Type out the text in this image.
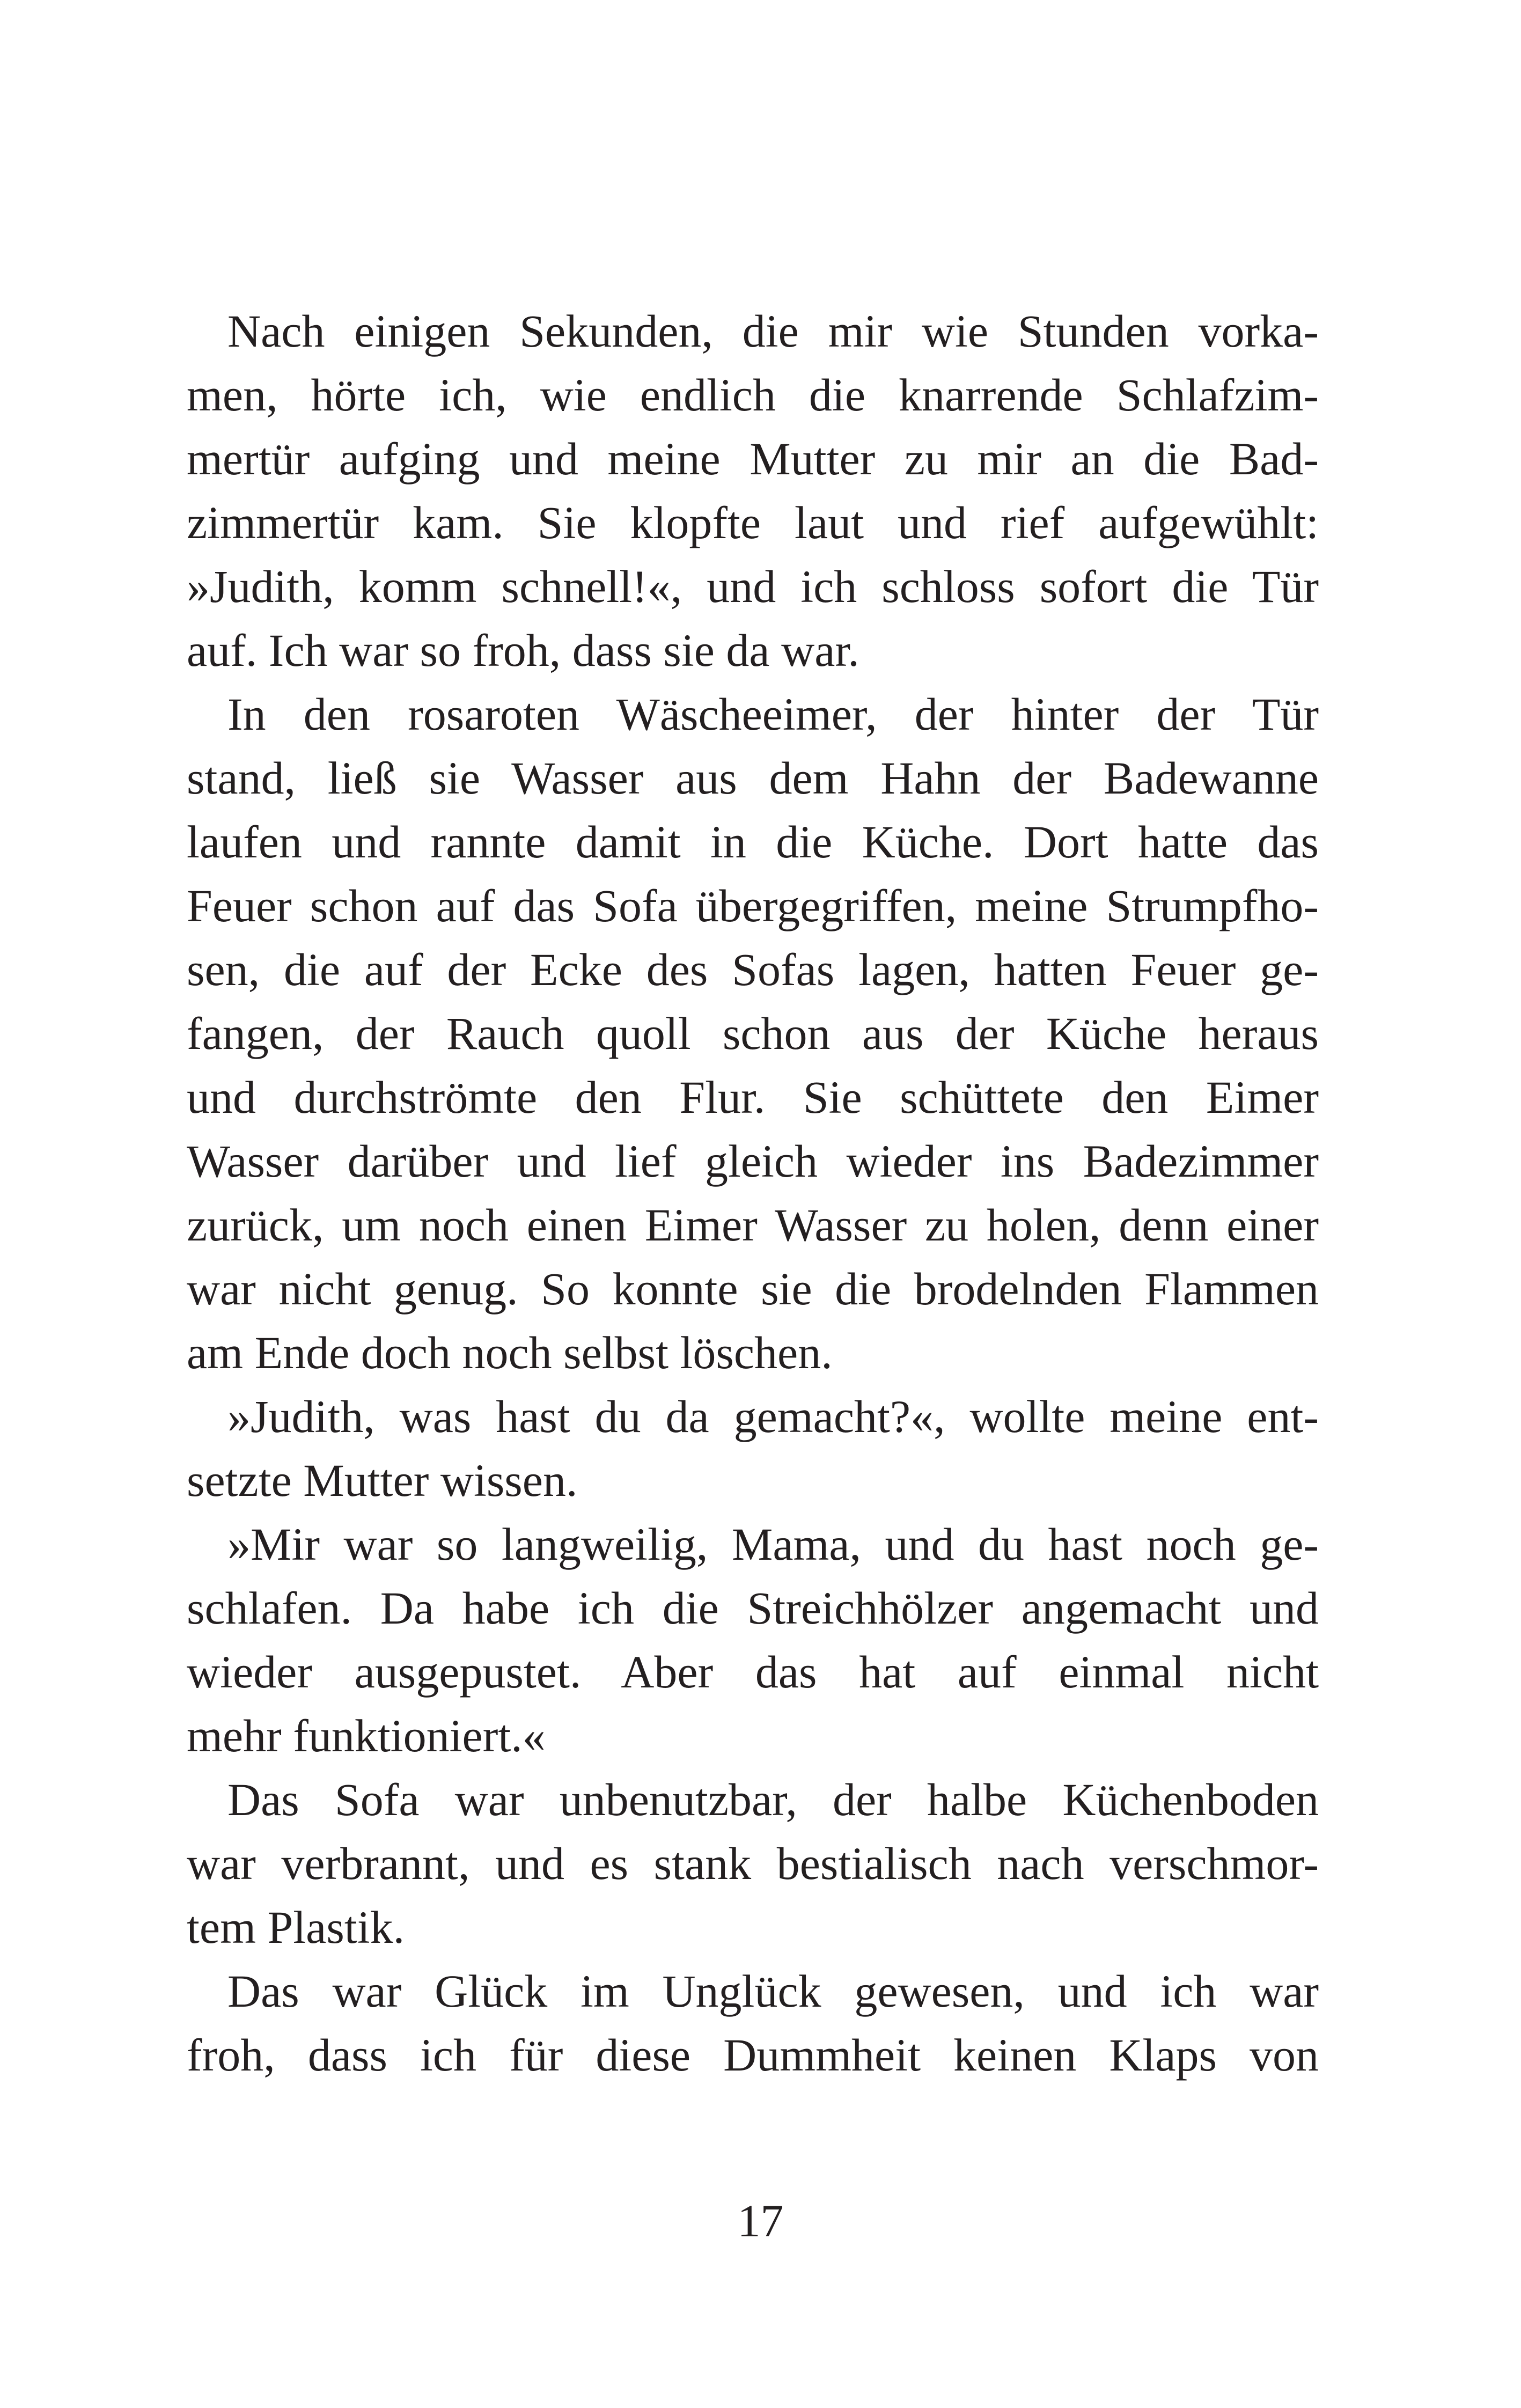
Nach einigen Sekunden, die mir wie Stunden vorka-
men, hörte ich, wie endlich die knarrende Schlafzim-
mertür aufging und meine Mutter zu mir an die Bad-
zimmertür kam. Sie klopfte laut und rief aufgewühlt:
»Judith, komm schnell!«, und ich schloss sofort die Tür
auf. Ich war so froh, dass sie da war.
In den rosaroten Wäscheeimer, der hinter der Tür
stand, ließ sie Wasser aus dem Hahn der Badewanne
laufen und rannte damit in die Küche. Dort hatte das
Feuer schon auf das Sofa übergegriffen, meine Strumpfho-
sen, die auf der Ecke des Sofas lagen, hatten Feuer ge-
fangen, der Rauch quoll schon aus der Küche heraus
und durchströmte den Flur. Sie schüttete den Eimer
Wasser darüber und lief gleich wieder ins Badezimmer
zurück, um noch einen Eimer Wasser zu holen, denn einer
war nicht genug. So konnte sie die brodelnden Flammen
am Ende doch noch selbst löschen.
»Judith, was hast du da gemacht?«, wollte meine ent-
setzte Mutter wissen.
»Mir war so langweilig, Mama, und du hast noch ge-
schlafen. Da habe ich die Streichhölzer angemacht und
wieder ausgepustet. Aber das hat auf einmal nicht
mehr funktioniert.«
Das Sofa war unbenutzbar, der halbe Küchenboden
war verbrannt, und es stank bestialisch nach verschmor-
tem Plastik.
Das war Glück im Unglück gewesen, und ich war
froh, dass ich für diese Dummheit keinen Klaps von
17
